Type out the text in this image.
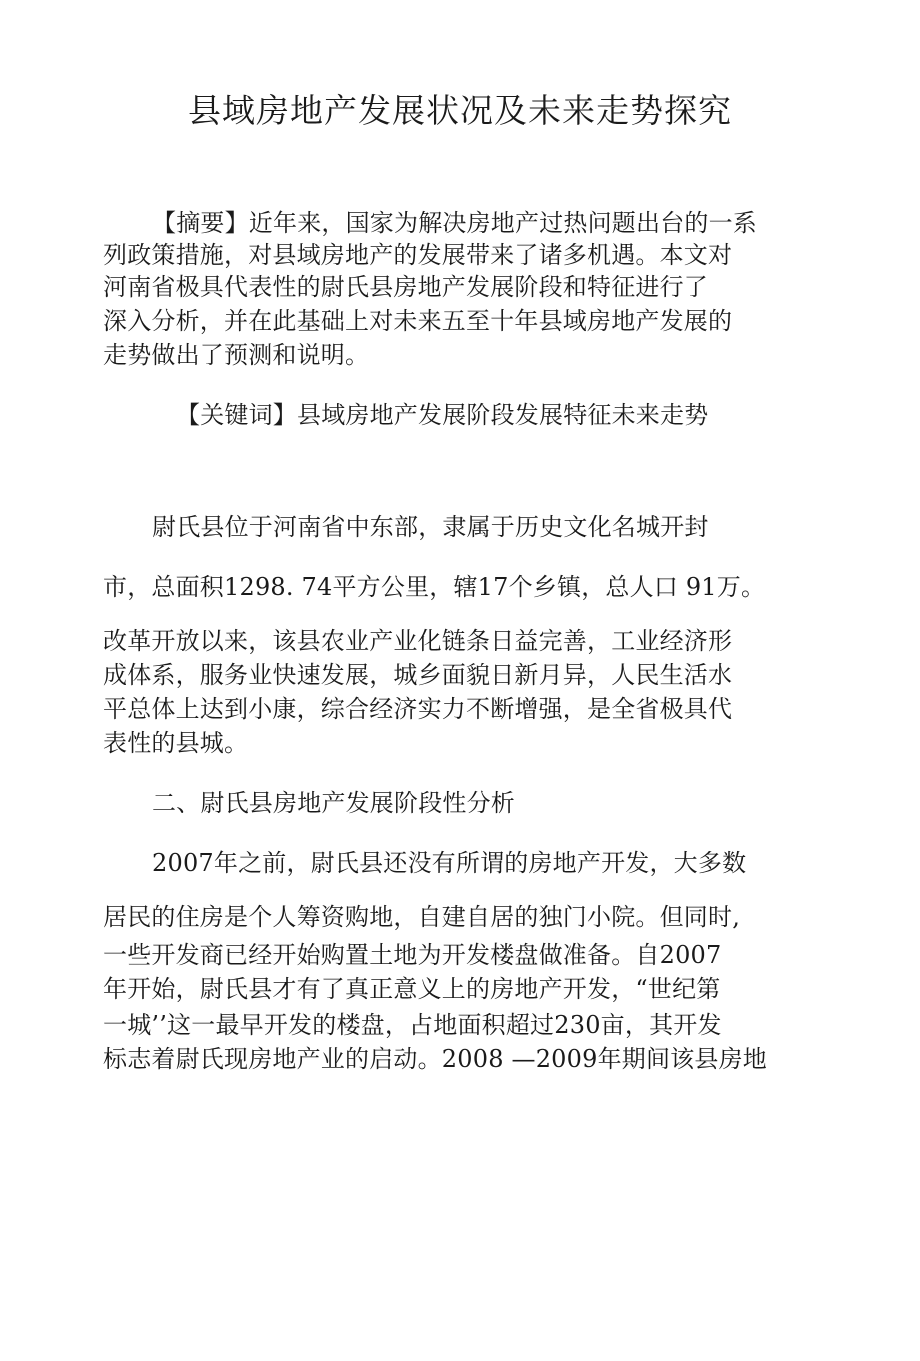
县域房地产发展状况及未来走势探究
【摘要】近年来，国家为解决房地产过热问题出台的一系
列政策措施，对县域房地产的发展带来了诸多机遇。本文对
河南省极具代表性的尉氏县房地产发展阶段和特征进行了
深入分析，并在此基础上对未来五至十年县域房地产发展的
走势做出了预测和说明。
【关键词】县域房地产发展阶段发展特征未来走势
尉氏县位于河南省中东部，隶属于历史文化名城开封
市，总面积1298. 74平方公里，辖17个乡镇，总人口 91万。
改革开放以来，该县农业产业化链条日益完善，工业经济形
成体系，服务业快速发展，城乡面貌日新月异，人民生活水
平总体上达到小康，综合经济实力不断增强，是全省极具代
表性的县城。
二、尉氏县房地产发展阶段性分析
2007年之前，尉氏县还没有所谓的房地产开发，大多数
居民的住房是个人筹资购地，自建自居的独门小院。但同时,
一些开发商已经开始购置土地为开发楼盘做准备。自2007
年开始，尉氏县才有了真正意义上的房地产开发，“世纪第
一城’’这一最早开发的楼盘，占地面积超过230亩，其开发
标志着尉氏现房地产业的启动。2008 —2009年期间该县房地
